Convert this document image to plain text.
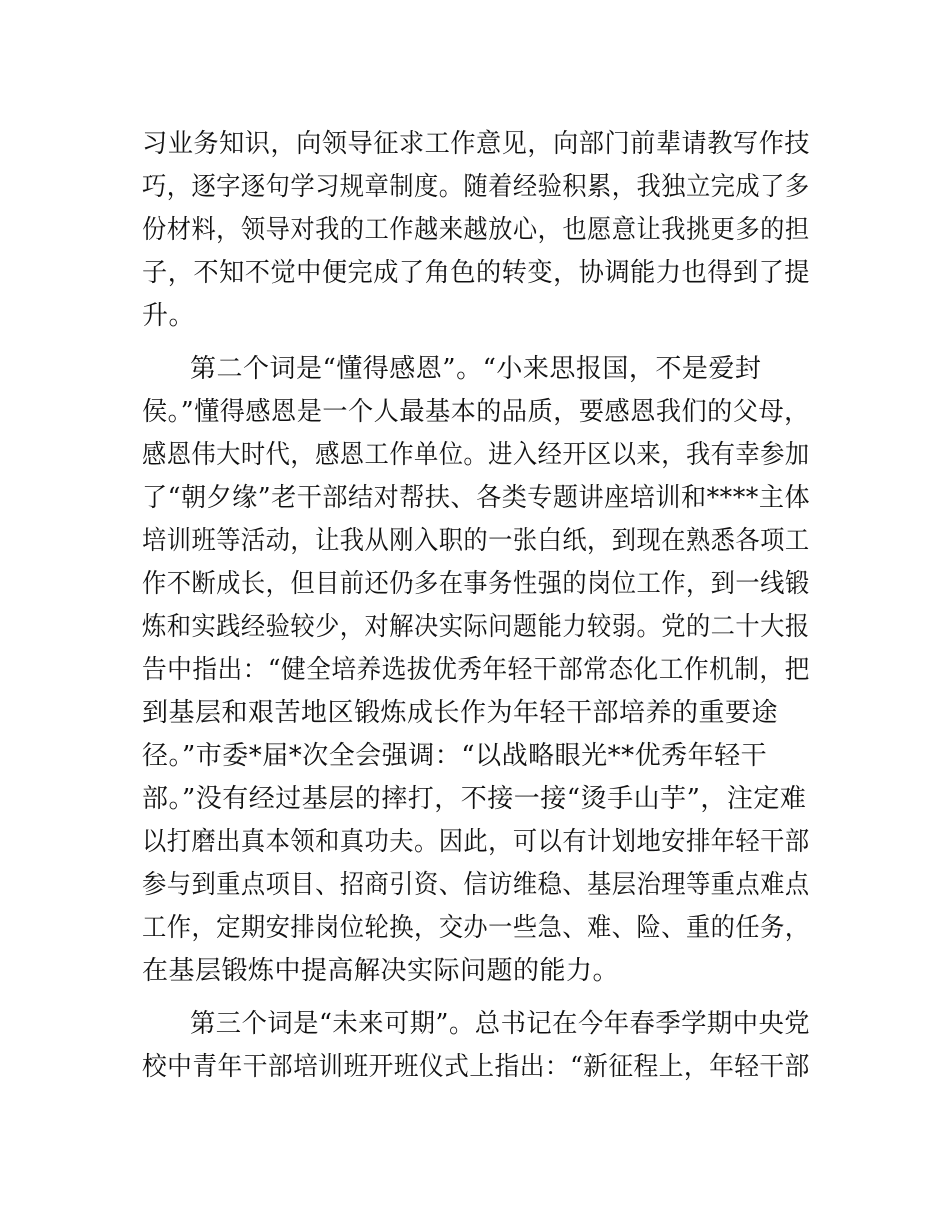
习业务知识，向领导征求工作意见，向部门前辈请教写作技
巧，逐字逐句学习规章制度。随着经验积累，我独立完成了多
份材料，领导对我的工作越来越放心，也愿意让我挑更多的担
子，不知不觉中便完成了角色的转变，协调能力也得到了提
升。
第二个词是“懂得感恩”。“小来思报国，不是爱封
侯。”懂得感恩是一个人最基本的品质，要感恩我们的父母，
感恩伟大时代，感恩工作单位。进入经开区以来，我有幸参加
了“朝夕缘”老干部结对帮扶、各类专题讲座培训和****主体
培训班等活动，让我从刚入职的一张白纸，到现在熟悉各项工
作不断成长，但目前还仍多在事务性强的岗位工作，到一线锻
炼和实践经验较少，对解决实际问题能力较弱。党的二十大报
告中指出：“健全培养选拔优秀年轻干部常态化工作机制，把
到基层和艰苦地区锻炼成长作为年轻干部培养的重要途
径。”市委*届*次全会强调：“以战略眼光**优秀年轻干
部。”没有经过基层的摔打，不接一接“烫手山芋”，注定难
以打磨出真本领和真功夫。因此，可以有计划地安排年轻干部
参与到重点项目、招商引资、信访维稳、基层治理等重点难点
工作，定期安排岗位轮换，交办一些急、难、险、重的任务，
在基层锻炼中提高解决实际问题的能力。
第三个词是“未来可期”。总书记在今年春季学期中央党
校中青年干部培训班开班仪式上指出：“新征程上，年轻干部
